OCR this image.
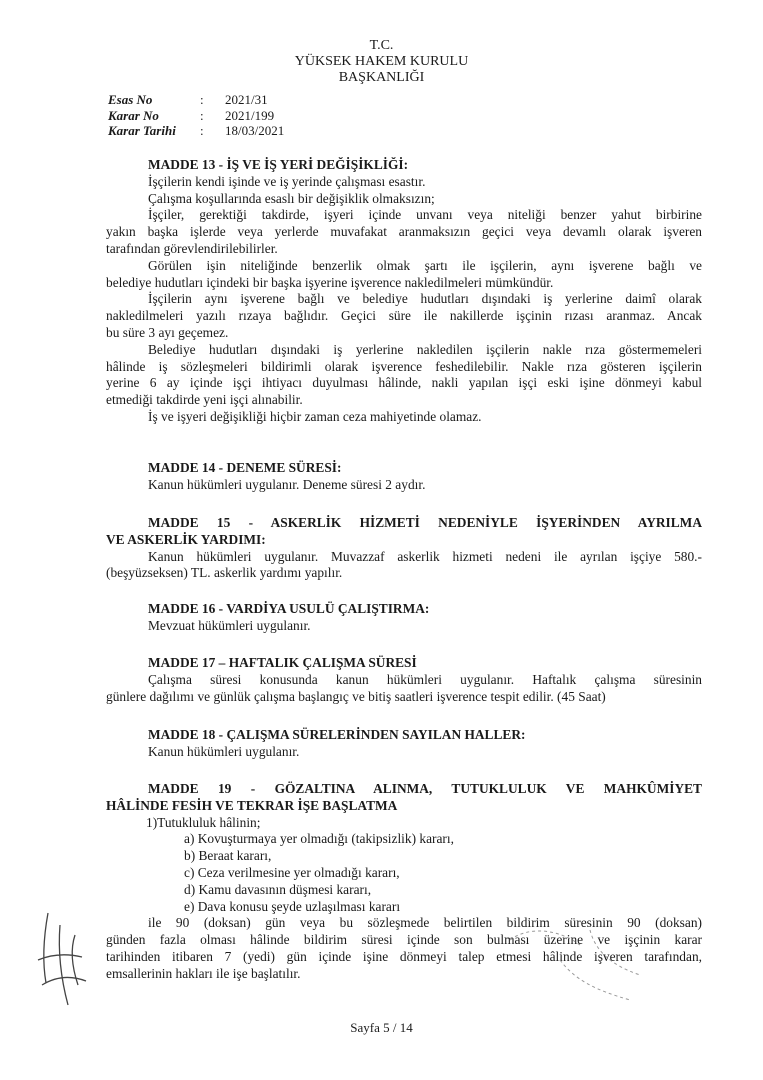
T.C.
YÜKSEK HAKEM KURULU
BAŞKANLIĞI
Esas No	:	2021/31
Karar No	:	2021/199
Karar Tarihi	:	18/03/2021
MADDE 13 - İŞ VE İŞ YERİ DEĞİŞİKLİĞİ:
İşçilerin kendi işinde ve iş yerinde çalışması esastır.
Çalışma koşullarında esaslı bir değişiklik olmaksızın;
İşçiler, gerektiği takdirde, işyeri içinde unvanı veya niteliği benzer yahut birbirine
yakın başka işlerde veya yerlerde muvafakat aranmaksızın geçici veya devamlı olarak işveren
tarafından görevlendirilebilirler.
Görülen işin niteliğinde benzerlik olmak şartı ile işçilerin, aynı işverene bağlı ve
belediye hudutları içindeki bir başka işyerine işverence nakledilmeleri mümkündür.
İşçilerin aynı işverene bağlı ve belediye hudutları dışındaki iş yerlerine daimî olarak
nakledilmeleri yazılı rızaya bağlıdır. Geçici süre ile nakillerde işçinin rızası aranmaz. Ancak
bu süre 3 ayı geçemez.
Belediye hudutları dışındaki iş yerlerine nakledilen işçilerin nakle rıza göstermemeleri
hâlinde iş sözleşmeleri bildirimli olarak işverence feshedilebilir. Nakle rıza gösteren işçilerin
yerine 6 ay içinde işçi ihtiyacı duyulması hâlinde, nakli yapılan işçi eski işine dönmeyi kabul
etmediği takdirde yeni işçi alınabilir.
İş ve işyeri değişikliği hiçbir zaman ceza mahiyetinde olamaz.
MADDE 14 - DENEME SÜRESİ:
Kanun hükümleri uygulanır. Deneme süresi 2 aydır.
MADDE 15 - ASKERLİK HİZMETİ NEDENİYLE İŞYERİNDEN AYRILMA
VE ASKERLİK YARDIMI:
Kanun hükümleri uygulanır. Muvazzaf askerlik hizmeti nedeni ile ayrılan işçiye 580.-
(beşyüzseksen) TL. askerlik yardımı yapılır.
MADDE 16 - VARDİYA USULÜ ÇALIŞTIRMA:
Mevzuat hükümleri uygulanır.
MADDE 17 – HAFTALIK ÇALIŞMA SÜRESİ
Çalışma süresi konusunda kanun hükümleri uygulanır. Haftalık çalışma süresinin
günlere dağılımı ve günlük çalışma başlangıç ve bitiş saatleri işverence tespit edilir. (45 Saat)
MADDE 18 - ÇALIŞMA SÜRELERİNDEN SAYILAN HALLER:
Kanun hükümleri uygulanır.
MADDE 19 - GÖZALTINA ALINMA, TUTUKLULUK VE MAHKÛMİYET
HÂLİNDE FESİH VE TEKRAR İŞE BAŞLATMA
1)Tutukluluk hâlinin;
a) Kovuşturmaya yer olmadığı (takipsizlik) kararı,
b) Beraat kararı,
c) Ceza verilmesine yer olmadığı kararı,
d) Kamu davasının düşmesi kararı,
e) Dava konusu şeyde uzlaşılması kararı
ile 90 (doksan) gün veya bu sözleşmede belirtilen bildirim süresinin 90 (doksan)
günden fazla olması hâlinde bildirim süresi içinde son bulması üzerine ve işçinin karar
tarihinden itibaren 7 (yedi) gün içinde işine dönmeyi talep etmesi hâlinde işveren tarafından,
emsallerinin hakları ile işe başlatılır.
Sayfa 5 / 14
